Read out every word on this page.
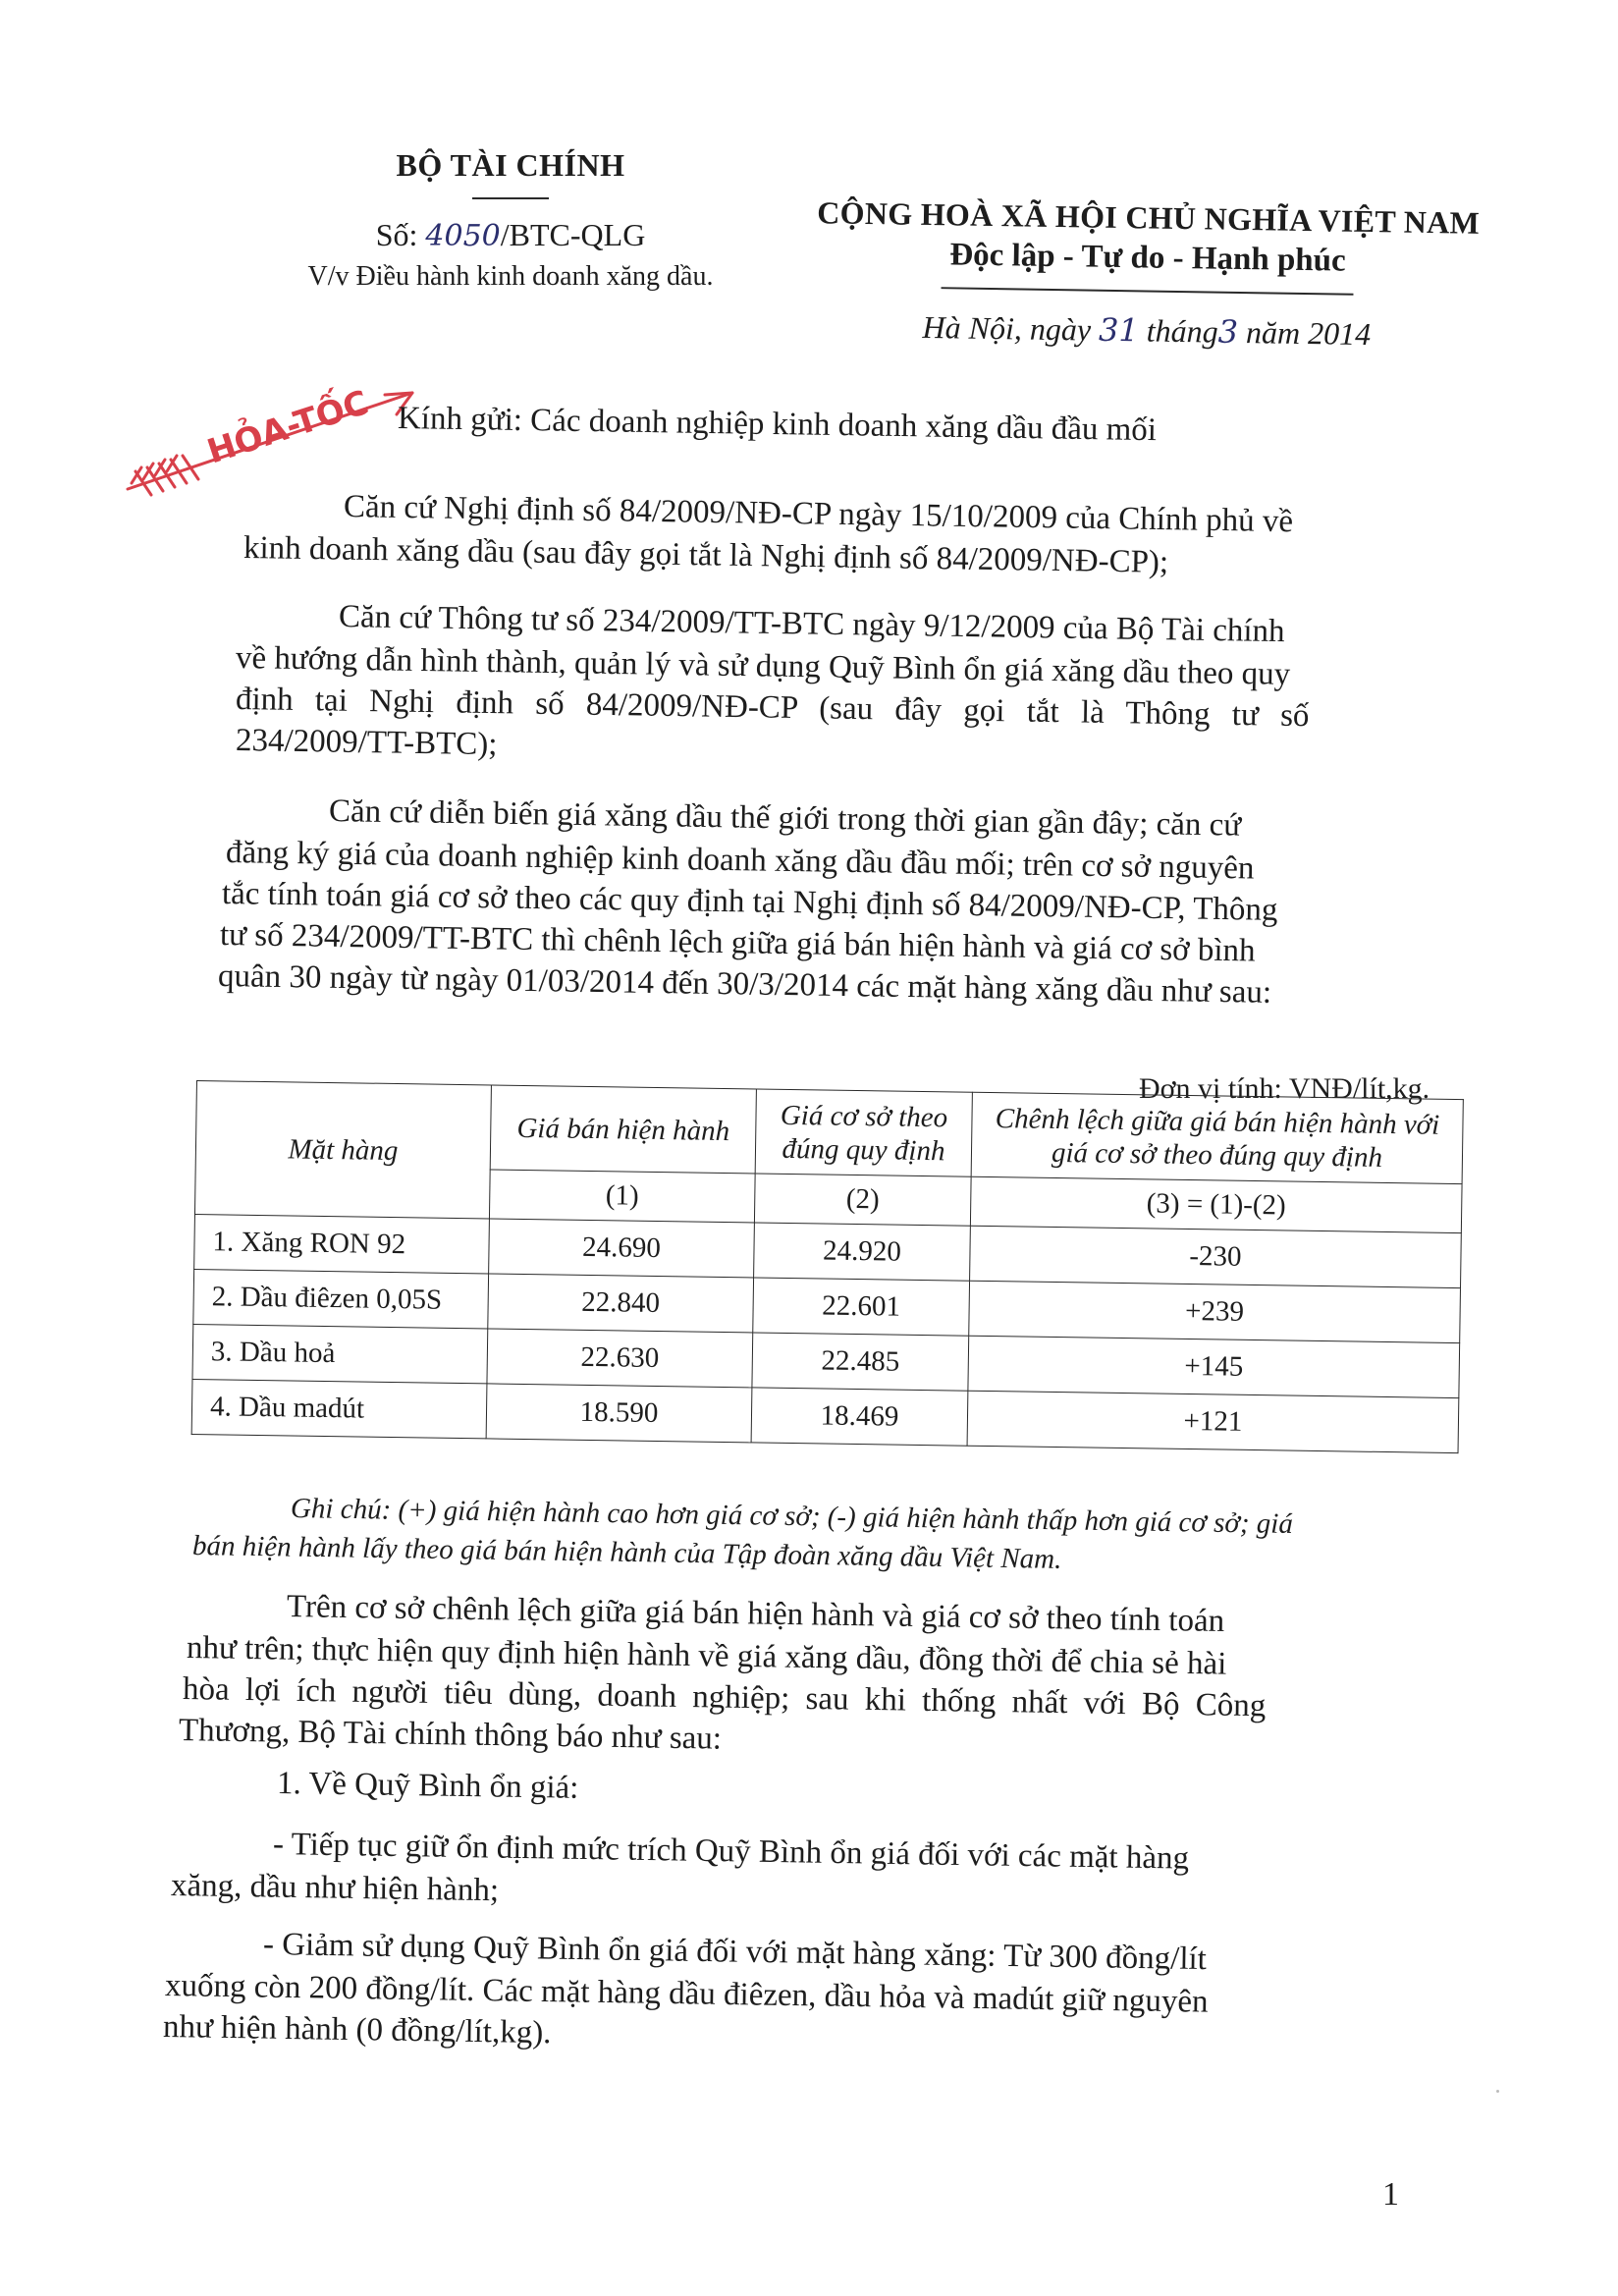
BỘ TÀI CHÍNH
Số: 4050/BTC-QLG
V/v Điều hành kinh doanh xăng dầu.
CỘNG HOÀ XÃ HỘI CHỦ NGHĨA VIỆT NAM
Độc lập - Tự do - Hạnh phúc
Hà Nội, ngày 31 tháng3 năm 2014
HỎA-TỐC Kính gửi: Các doanh nghiệp kinh doanh xăng dầu đầu mối
Căn cứ Nghị định số 84/2009/NĐ-CP ngày 15/10/2009 của Chính phủ về
kinh doanh xăng dầu (sau đây gọi tắt là Nghị định số 84/2009/NĐ-CP);
Căn cứ Thông tư số 234/2009/TT-BTC ngày 9/12/2009 của Bộ Tài chính
về hướng dẫn hình thành, quản lý và sử dụng Quỹ Bình ổn giá xăng dầu theo quy
định tại Nghị định số 84/2009/NĐ-CP (sau đây gọi tắt là Thông tư số
234/2009/TT-BTC);
Căn cứ diễn biến giá xăng dầu thế giới trong thời gian gần đây; căn cứ
đăng ký giá của doanh nghiệp kinh doanh xăng dầu đầu mối; trên cơ sở nguyên
tắc tính toán giá cơ sở theo các quy định tại Nghị định số 84/2009/NĐ-CP, Thông
tư số 234/2009/TT-BTC thì chênh lệch giữa giá bán hiện hành và giá cơ sở bình
quân 30 ngày từ ngày 01/03/2014 đến 30/3/2014 các mặt hàng xăng dầu như sau:
Đơn vị tính: VNĐ/lít,kg.
Mặt hàng	Giá bán hiện hành	Giá cơ sở theo đúng quy định	Chênh lệch giữa giá bán hiện hành với giá cơ sở theo đúng quy định
	(1)	(2)	(3) = (1)-(2)
1. Xăng RON 92	24.690	24.920	-230
2. Dầu điêzen 0,05S	22.840	22.601	+239
3. Dầu hoả	22.630	22.485	+145
4. Dầu madút	18.590	18.469	+121
Ghi chú: (+) giá hiện hành cao hơn giá cơ sở; (-) giá hiện hành thấp hơn giá cơ sở; giá
bán hiện hành lấy theo giá bán hiện hành của Tập đoàn xăng dầu Việt Nam.
Trên cơ sở chênh lệch giữa giá bán hiện hành và giá cơ sở theo tính toán
như trên; thực hiện quy định hiện hành về giá xăng dầu, đồng thời để chia sẻ hài
hòa lợi ích người tiêu dùng, doanh nghiệp; sau khi thống nhất với Bộ Công
Thương, Bộ Tài chính thông báo như sau:
1. Về Quỹ Bình ổn giá:
- Tiếp tục giữ ổn định mức trích Quỹ Bình ổn giá đối với các mặt hàng
xăng, dầu như hiện hành;
- Giảm sử dụng Quỹ Bình ổn giá đối với mặt hàng xăng: Từ 300 đồng/lít
xuống còn 200 đồng/lít. Các mặt hàng dầu điêzen, dầu hỏa và madút giữ nguyên
như hiện hành (0 đồng/lít,kg).
1
